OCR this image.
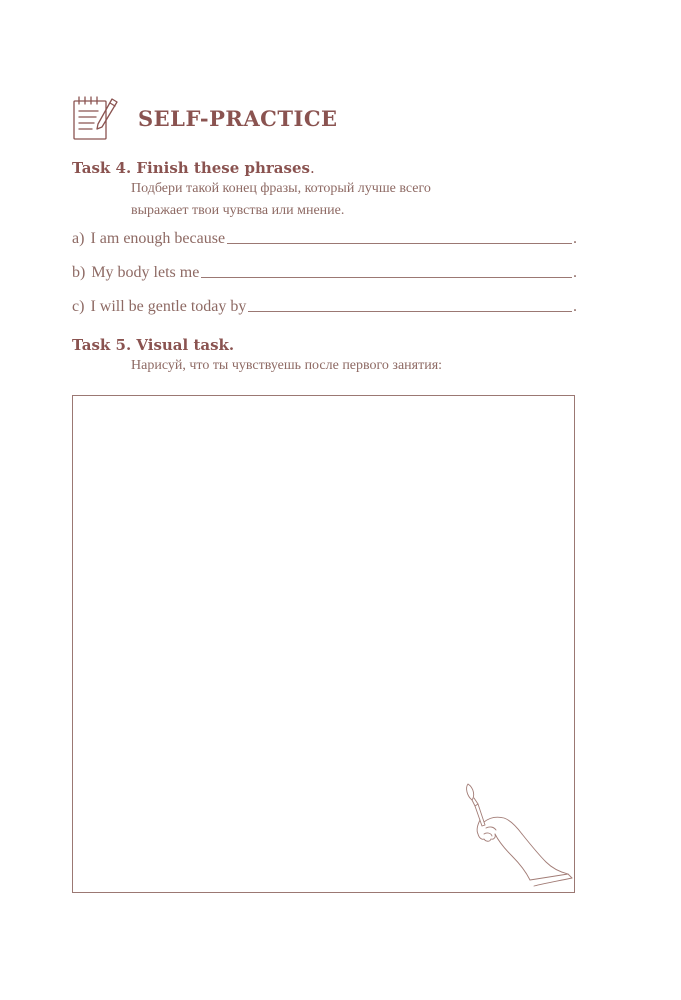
SELF-PRACTICE
Task 4. Finish these phrases.
Подбери такой конец фразы, который лучше всего
выражает твои чувства или мнение.
a) I am enough because	.
b) My body lets me	.
c) I will be gentle today by	.
Task 5. Visual task.
Нарисуй, что ты чувствуешь после первого занятия:
